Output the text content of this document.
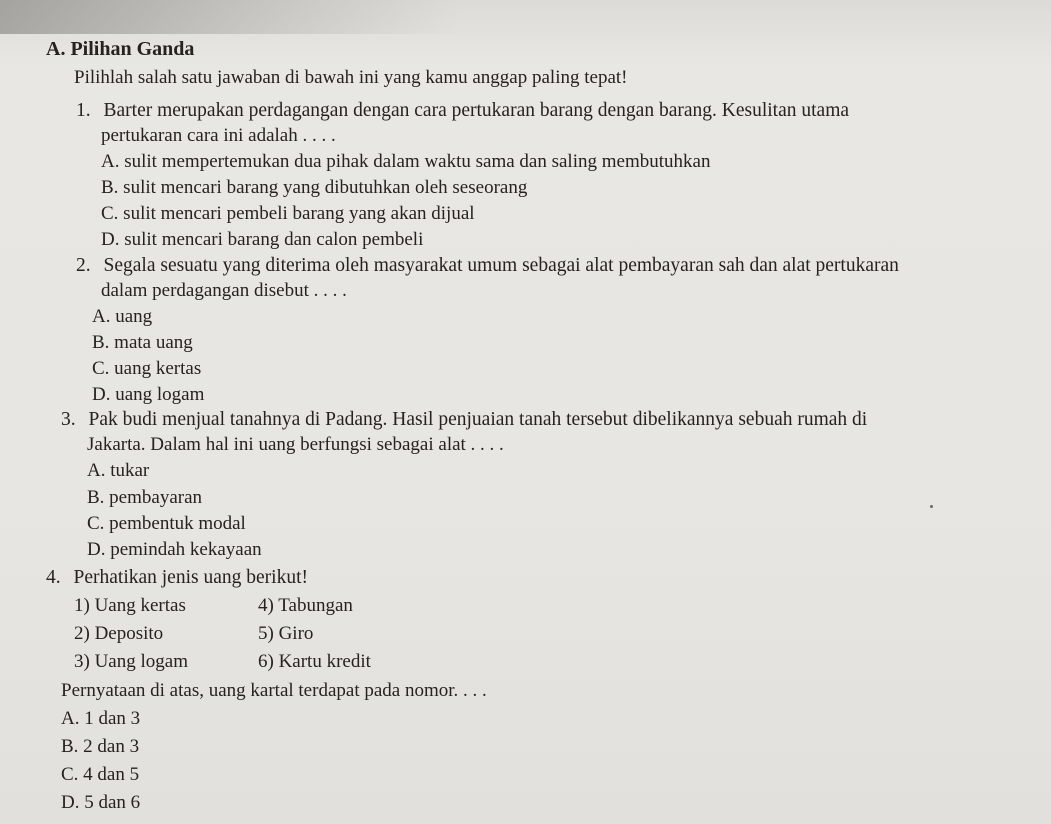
A. Pilihan Ganda
Pilihlah salah satu jawaban di bawah ini yang kamu anggap paling tepat!
1. Barter merupakan perdagangan dengan cara pertukaran barang dengan barang. Kesulitan utama
pertukaran cara ini adalah . . . .
A. sulit mempertemukan dua pihak dalam waktu sama dan saling membutuhkan
B. sulit mencari barang yang dibutuhkan oleh seseorang
C. sulit mencari pembeli barang yang akan dijual
D. sulit mencari barang dan calon pembeli
2. Segala sesuatu yang diterima oleh masyarakat umum sebagai alat pembayaran sah dan alat pertukaran
dalam perdagangan disebut . . . .
A. uang
B. mata uang
C. uang kertas
D. uang logam
3. Pak budi menjual tanahnya di Padang. Hasil penjuaian tanah tersebut dibelikannya sebuah rumah di
Jakarta. Dalam hal ini uang berfungsi sebagai alat . . . .
A. tukar
B. pembayaran
C. pembentuk modal
D. pemindah kekayaan
4. Perhatikan jenis uang berikut!
1) Uang kertas	4) Tabungan
2) Deposito	5) Giro
3) Uang logam	6) Kartu kredit
Pernyataan di atas, uang kartal terdapat pada nomor. . . .
A. 1 dan 3
B. 2 dan 3
C. 4 dan 5
D. 5 dan 6
